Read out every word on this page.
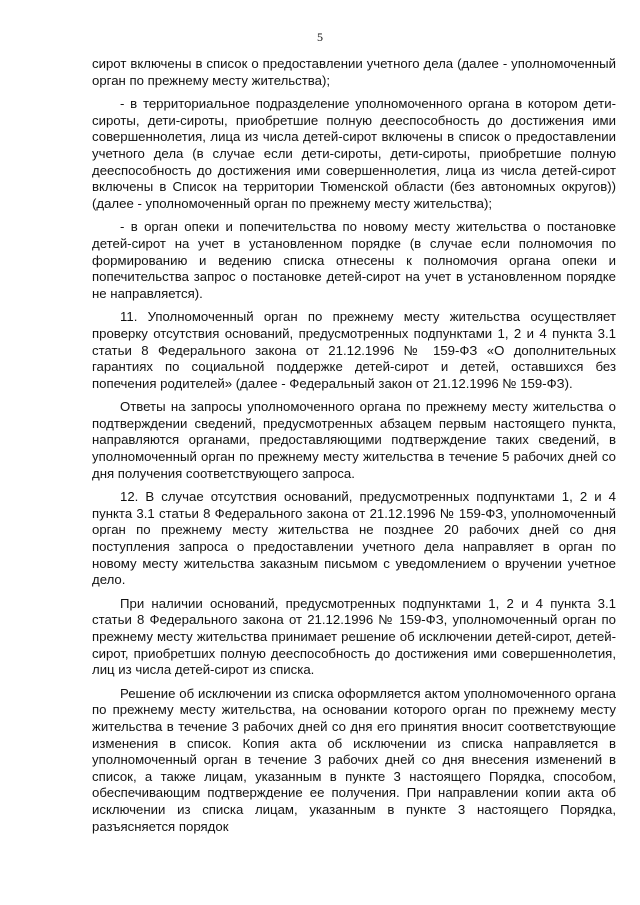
5

сирот включены в список о предоставлении учетного дела (далее - уполномоченный орган по прежнему месту жительства);

- в территориальное подразделение уполномоченного органа в котором дети-сироты, дети-сироты, приобретшие полную дееспособность до достижения ими совершеннолетия, лица из числа детей-сирот включены в список о предоставлении учетного дела (в случае если дети-сироты, дети-сироты, приобретшие полную дееспособность до достижения ими совершеннолетия, лица из числа детей-сирот включены в Список на территории Тюменской области (без автономных округов)) (далее - уполномоченный орган по прежнему месту жительства);

- в орган опеки и попечительства по новому месту жительства о постановке детей-сирот на учет в установленном порядке (в случае если полномочия по формированию и ведению списка отнесены к полномочия органа опеки и попечительства запрос о постановке детей-сирот на учет в установленном порядке не направляется).

11. Уполномоченный орган по прежнему месту жительства осуществляет проверку отсутствия оснований, предусмотренных подпунктами 1, 2 и 4 пункта 3.1 статьи 8 Федерального закона от 21.12.1996 № 159-ФЗ «О дополнительных гарантиях по социальной поддержке детей-сирот и детей, оставшихся без попечения родителей» (далее - Федеральный закон от 21.12.1996 № 159-ФЗ).

Ответы на запросы уполномоченного органа по прежнему месту жительства о подтверждении сведений, предусмотренных абзацем первым настоящего пункта, направляются органами, предоставляющими подтверждение таких сведений, в уполномоченный орган по прежнему месту жительства в течение 5 рабочих дней со дня получения соответствующего запроса.

12. В случае отсутствия оснований, предусмотренных подпунктами 1, 2 и 4 пункта 3.1 статьи 8 Федерального закона от 21.12.1996 № 159-ФЗ, уполномоченный орган по прежнему месту жительства не позднее 20 рабочих дней со дня поступления запроса о предоставлении учетного дела направляет в орган по новому месту жительства заказным письмом с уведомлением о вручении учетное дело.

При наличии оснований, предусмотренных подпунктами 1, 2 и 4 пункта 3.1 статьи 8 Федерального закона от 21.12.1996 № 159-ФЗ, уполномоченный орган по прежнему месту жительства принимает решение об исключении детей-сирот, детей-сирот, приобретших полную дееспособность до достижения ими совершеннолетия, лиц из числа детей-сирот из списка.

Решение об исключении из списка оформляется актом уполномоченного органа по прежнему месту жительства, на основании которого орган по прежнему месту жительства в течение 3 рабочих дней со дня его принятия вносит соответствующие изменения в список. Копия акта об исключении из списка направляется в уполномоченный орган в течение 3 рабочих дней со дня внесения изменений в список, а также лицам, указанным в пункте 3 настоящего Порядка, способом, обеспечивающим подтверждение ее получения. При направлении копии акта об исключении из списка лицам, указанным в пункте 3 настоящего Порядка, разъясняется порядок
